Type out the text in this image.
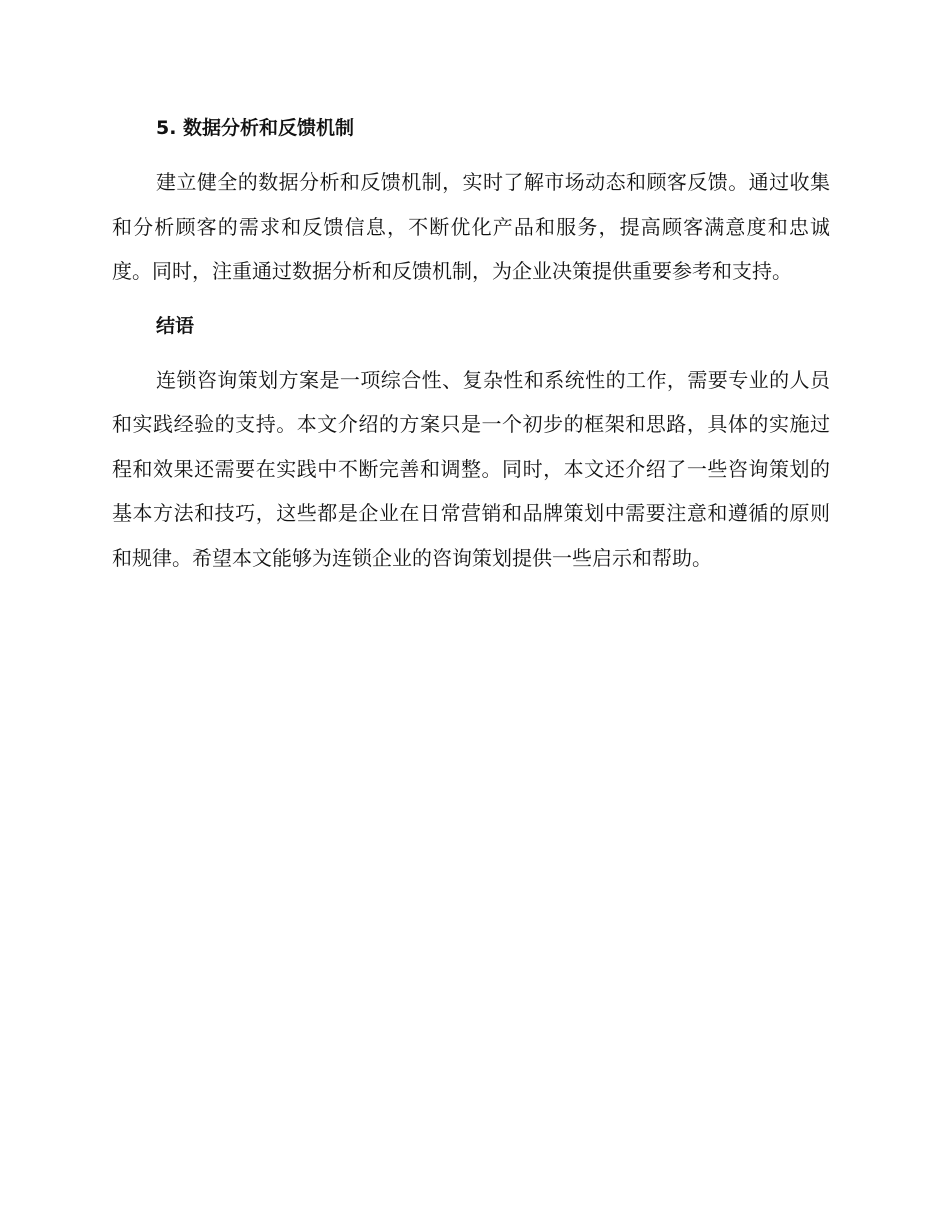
5. 数据分析和反馈机制

建立健全的数据分析和反馈机制，实时了解市场动态和顾客反馈。通过收集和分析顾客的需求和反馈信息，不断优化产品和服务，提高顾客满意度和忠诚度。同时，注重通过数据分析和反馈机制，为企业决策提供重要参考和支持。

结语

连锁咨询策划方案是一项综合性、复杂性和系统性的工作，需要专业的人员和实践经验的支持。本文介绍的方案只是一个初步的框架和思路，具体的实施过程和效果还需要在实践中不断完善和调整。同时，本文还介绍了一些咨询策划的基本方法和技巧，这些都是企业在日常营销和品牌策划中需要注意和遵循的原则和规律。希望本文能够为连锁企业的咨询策划提供一些启示和帮助。
